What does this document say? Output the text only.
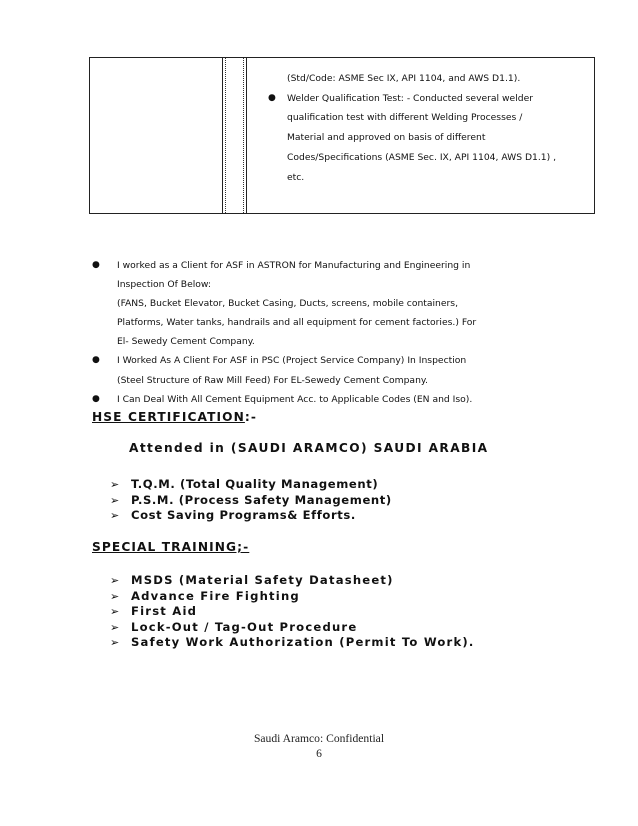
(Std/Code: ASME Sec IX, API 1104, and AWS D1.1).

● Welder Qualification Test: - Conducted several welder

qualification test with different Welding Processes /

Material and approved on basis of different

Codes/Specifications (ASME Sec. IX, API 1104, AWS D1.1) ,

etc.

● I worked as a Client for ASF in ASTRON for Manufacturing and Engineering in
Inspection Of Below:
(FANS, Bucket Elevator, Bucket Casing, Ducts, screens, mobile containers,
Platforms, Water tanks, handrails and all equipment for cement factories.) For
El- Sewedy Cement Company.
● I Worked As A Client For ASF in PSC (Project Service Company) In Inspection
(Steel Structure of Raw Mill Feed) For EL-Sewedy Cement Company.
● I Can Deal With All Cement Equipment Acc. to Applicable Codes (EN and Iso).

HSE CERTIFICATION:-

Attended in (SAUDI ARAMCO) SAUDI ARABIA

➢ T.Q.M. (Total Quality Management)
➢ P.S.M. (Process Safety Management)
➢ Cost Saving Programs& Efforts.

SPECIAL TRAINING;-

➢ MSDS (Material Safety Datasheet)
➢ Advance Fire Fighting
➢ First Aid
➢ Lock-Out / Tag-Out Procedure
➢ Safety Work Authorization (Permit To Work).
Saudi Aramco: Confidential
6
